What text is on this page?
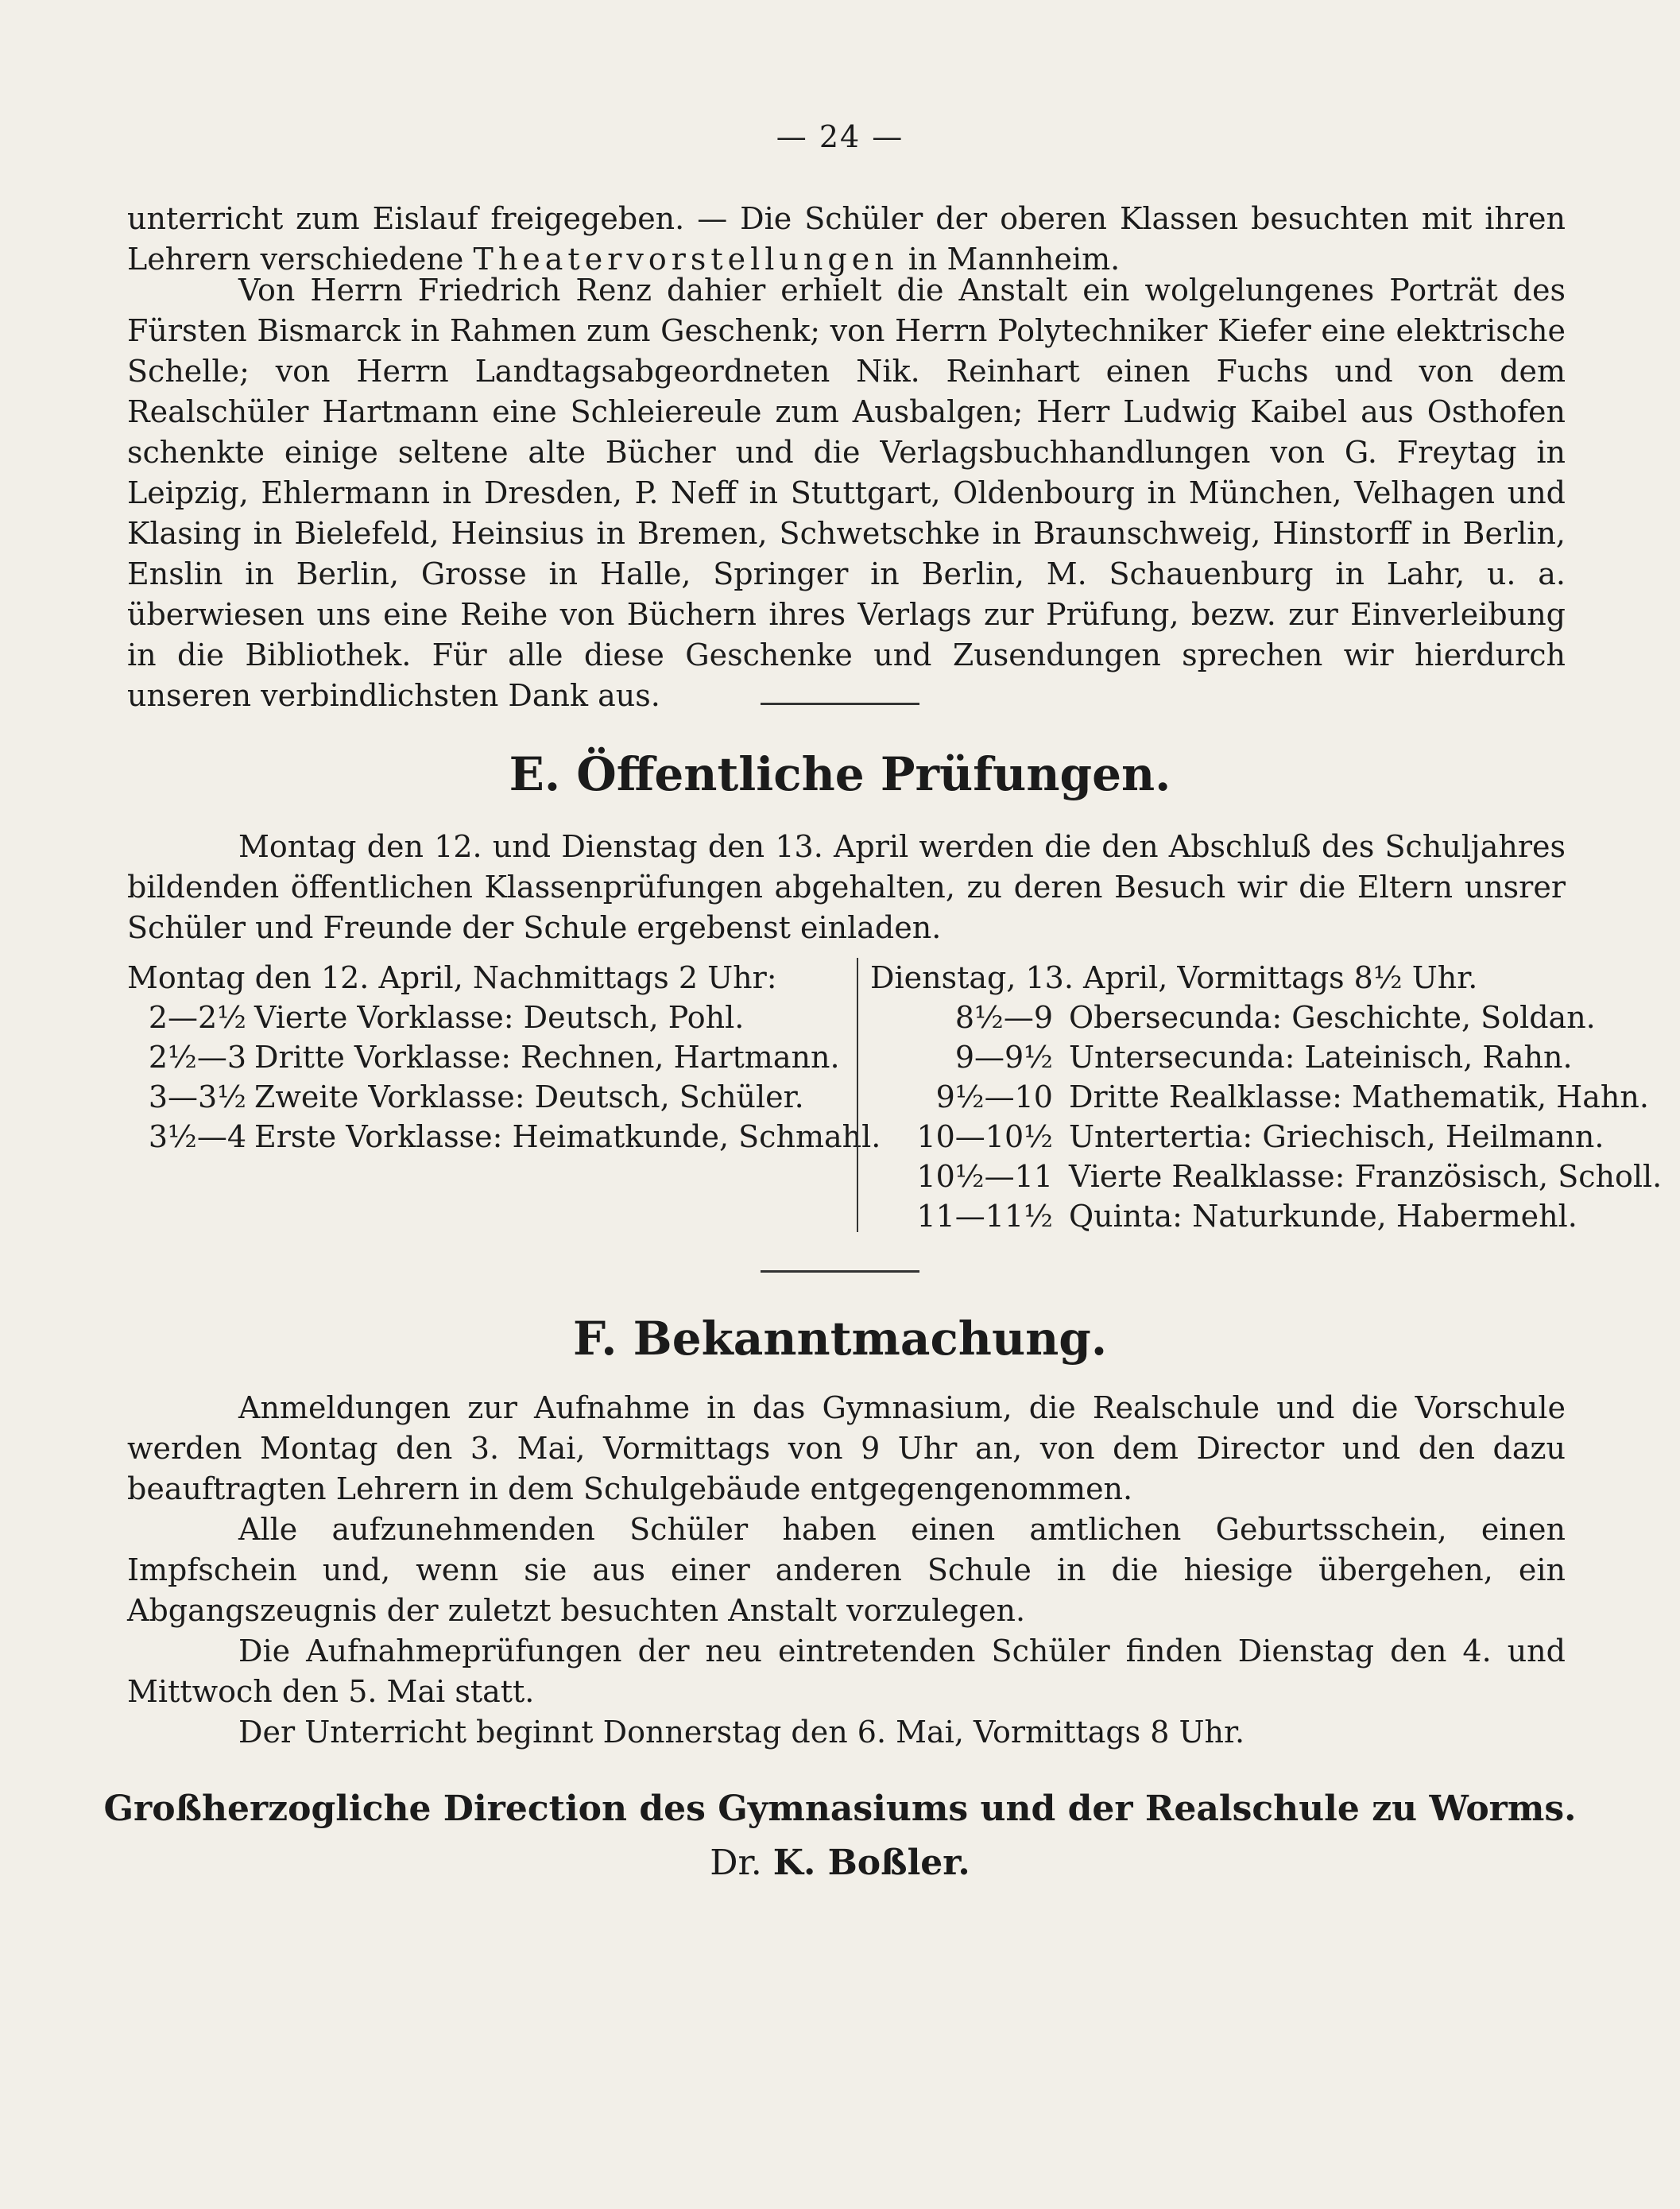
— 24 —
unterricht zum Eislauf freigegeben. — Die Schüler der oberen Klassen besuchten mit ihren Lehrern verschiedene Theatervorstellungen in Mannheim.
Von Herrn Friedrich Renz dahier erhielt die Anstalt ein wolgelungenes Porträt des Fürsten Bismarck in Rahmen zum Geschenk; von Herrn Polytechniker Kiefer eine elektrische Schelle; von Herrn Landtagsabgeordneten Nik. Reinhart einen Fuchs und von dem Realschüler Hartmann eine Schleiereule zum Ausbalgen; Herr Ludwig Kaibel aus Osthofen schenkte einige seltene alte Bücher und die Verlagsbuchhandlungen von G. Freytag in Leipzig, Ehlermann in Dresden, P. Neff in Stuttgart, Oldenbourg in München, Velhagen und Klasing in Bielefeld, Heinsius in Bremen, Schwetschke in Braunschweig, Hinstorff in Berlin, Enslin in Berlin, Grosse in Halle, Springer in Berlin, M. Schauenburg in Lahr, u. a. überwiesen uns eine Reihe von Büchern ihres Verlags zur Prüfung, bezw. zur Einverleibung in die Bibliothek. Für alle diese Geschenke und Zusendungen sprechen wir hierdurch unseren verbindlichsten Dank aus.
E. Öffentliche Prüfungen.
Montag den 12. und Dienstag den 13. April werden die den Abschluß des Schuljahres bildenden öffentlichen Klassenprüfungen abgehalten, zu deren Besuch wir die Eltern unsrer Schüler und Freunde der Schule ergebenst einladen.
Montag den 12. April, Nachmittags 2 Uhr:
2—2½ Vierte Vorklasse: Deutsch, Pohl.
2½—3 Dritte Vorklasse: Rechnen, Hartmann.
3—3½ Zweite Vorklasse: Deutsch, Schüler.
3½—4 Erste Vorklasse: Heimatkunde, Schmahl.
Dienstag, 13. April, Vormittags 8½ Uhr.
8½—9 Obersecunda: Geschichte, Soldan.
9—9½ Untersecunda: Lateinisch, Rahn.
9½—10 Dritte Realklasse: Mathematik, Hahn.
10—10½ Untertertia: Griechisch, Heilmann.
10½—11 Vierte Realklasse: Französisch, Scholl.
11—11½ Quinta: Naturkunde, Habermehl.
F. Bekanntmachung.
Anmeldungen zur Aufnahme in das Gymnasium, die Realschule und die Vorschule werden Montag den 3. Mai, Vormittags von 9 Uhr an, von dem Director und den dazu beauftragten Lehrern in dem Schulgebäude entgegengenommen.
Alle aufzunehmenden Schüler haben einen amtlichen Geburtsschein, einen Impfschein und, wenn sie aus einer anderen Schule in die hiesige übergehen, ein Abgangszeugnis der zuletzt besuchten Anstalt vorzulegen.
Die Aufnahmeprüfungen der neu eintretenden Schüler finden Dienstag den 4. und Mittwoch den 5. Mai statt.
Der Unterricht beginnt Donnerstag den 6. Mai, Vormittags 8 Uhr.
Großherzogliche Direction des Gymnasiums und der Realschule zu Worms.
Dr. K. Boßler.
